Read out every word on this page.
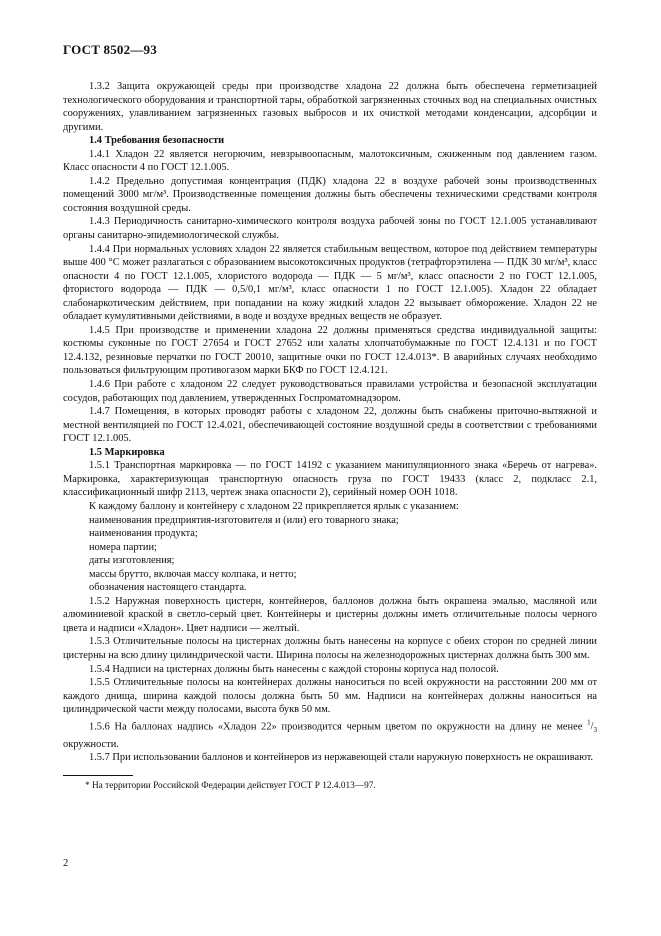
ГОСТ 8502—93

1.3.2 Защита окружающей среды при производстве хладона 22 должна быть обеспечена герметизацией технологического оборудования и транспортной тары, обработкой загрязненных сточных вод на специальных очистных сооружениях, улавливанием загрязненных газовых выбросов и их очисткой методами конденсации, адсорбции и другими.

1.4 Требования безопасности

1.4.1 Хладон 22 является негорючим, невзрывоопасным, малотоксичным, сжиженным под давлением газом. Класс опасности 4 по ГОСТ 12.1.005.

1.4.2 Предельно допустимая концентрация (ПДК) хладона 22 в воздухе рабочей зоны производственных помещений 3000 мг/м³. Производственные помещения должны быть обеспечены техническими средствами контроля состояния воздушной среды.

1.4.3 Периодичность санитарно-химического контроля воздуха рабочей зоны по ГОСТ 12.1.005 устанавливают органы санитарно-эпидемиологической службы.

1.4.4 При нормальных условиях хладон 22 является стабильным веществом, которое под действием температуры выше 400 °С может разлагаться с образованием высокотоксичных продуктов (тетрафторэтилена — ПДК 30 мг/м³, класс опасности 4 по ГОСТ 12.1.005, хлористого водорода — ПДК — 5 мг/м³, класс опасности 2 по ГОСТ 12.1.005, фтористого водорода — ПДК — 0,5/0,1 мг/м³, класс опасности 1 по ГОСТ 12.1.005). Хладон 22 обладает слабонаркотическим действием, при попадании на кожу жидкий хладон 22 вызывает обморожение. Хладон 22 не обладает кумулятивными действиями, в воде и воздухе вредных веществ не образует.

1.4.5 При производстве и применении хладона 22 должны применяться средства индивидуальной защиты: костюмы суконные по ГОСТ 27654 и ГОСТ 27652 или халаты хлопчатобумажные по ГОСТ 12.4.131 и по ГОСТ 12.4.132, резиновые перчатки по ГОСТ 20010, защитные очки по ГОСТ 12.4.013*. В аварийных случаях необходимо пользоваться фильтрующим противогазом марки БКФ по ГОСТ 12.4.121.

1.4.6 При работе с хладоном 22 следует руководствоваться правилами устройства и безопасной эксплуатации сосудов, работающих под давлением, утвержденных Госпроматомнадзором.

1.4.7 Помещения, в которых проводят работы с хладоном 22, должны быть снабжены приточно-вытяжной и местной вентиляцией по ГОСТ 12.4.021, обеспечивающей состояние воздушной среды в соответствии с требованиями ГОСТ 12.1.005.

1.5 Маркировка

1.5.1 Транспортная маркировка — по ГОСТ 14192 с указанием манипуляционного знака «Беречь от нагрева». Маркировка, характеризующая транспортную опасность груза по ГОСТ 19433 (класс 2, подкласс 2.1, классификационный шифр 2113, чертеж знака опасности 2), серийный номер ООН 1018.

К каждому баллону и контейнеру с хладоном 22 прикрепляется ярлык с указанием:

наименования предприятия-изготовителя и (или) его товарного знака;

наименования продукта;

номера партии;

даты изготовления;

массы брутто, включая массу колпака, и нетто;

обозначения настоящего стандарта.

1.5.2 Наружная поверхность цистерн, контейнеров, баллонов должна быть окрашена эмалью, масляной или алюминиевой краской в светло-серый цвет. Контейнеры и цистерны должны иметь отличительные полосы черного цвета и надписи «Хладон». Цвет надписи — желтый.

1.5.3 Отличительные полосы на цистернах должны быть нанесены на корпусе с обеих сторон по средней линии цистерны на всю длину цилиндрической части. Ширина полосы на железнодорожных цистернах должна быть 300 мм.

1.5.4 Надписи на цистернах должны быть нанесены с каждой стороны корпуса над полосой.

1.5.5 Отличительные полосы на контейнерах должны наноситься по всей окружности на расстоянии 200 мм от каждого днища, ширина каждой полосы должна быть 50 мм. Надписи на контейнерах должны наноситься на цилиндрической части между полосами, высота букв 50 мм.

1.5.6 На баллонах надпись «Хладон 22» производится черным цветом по окружности на длину не менее $^1/_3$ окружности.

1.5.7 При использовании баллонов и контейнеров из нержавеющей стали наружную поверхность не окрашивают.

* На территории Российской Федерации действует ГОСТ Р 12.4.013—97.

2
